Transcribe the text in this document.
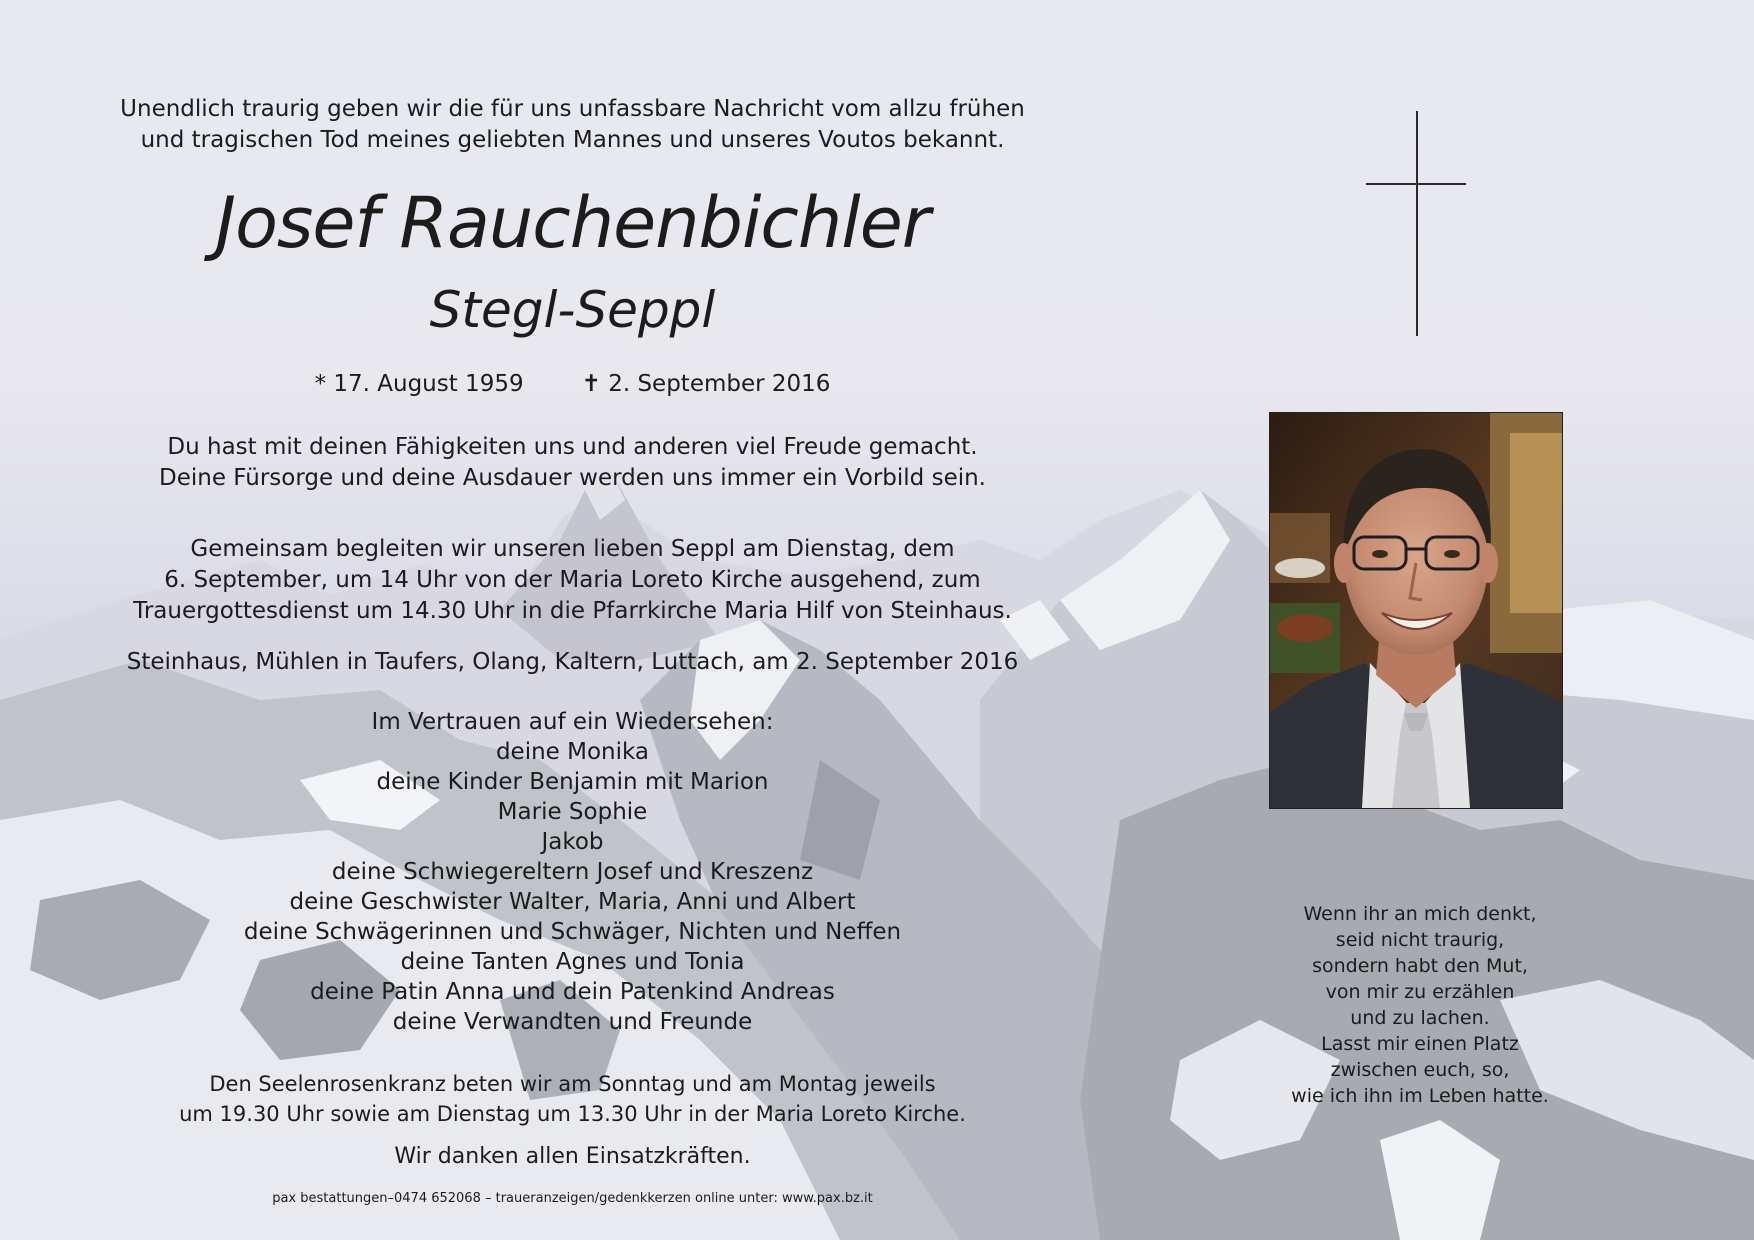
Unendlich traurig geben wir die für uns unfassbare Nachricht vom allzu frühen
und tragischen Tod meines geliebten Mannes und unseres Voutos bekannt.
Josef Rauchenbichler
Stegl-Seppl
* 17. August 1959	✝ 2. September 2016
Du hast mit deinen Fähigkeiten uns und anderen viel Freude gemacht.
Deine Fürsorge und deine Ausdauer werden uns immer ein Vorbild sein.
Gemeinsam begleiten wir unseren lieben Seppl am Dienstag, dem
6. September, um 14 Uhr von der Maria Loreto Kirche ausgehend, zum
Trauergottesdienst um 14.30 Uhr in die Pfarrkirche Maria Hilf von Steinhaus.
Steinhaus, Mühlen in Taufers, Olang, Kaltern, Luttach, am 2. September 2016
Im Vertrauen auf ein Wiedersehen:
deine Monika
deine Kinder Benjamin mit Marion
Marie Sophie
Jakob
deine Schwiegereltern Josef und Kreszenz
deine Geschwister Walter, Maria, Anni und Albert
deine Schwägerinnen und Schwäger, Nichten und Neffen
deine Tanten Agnes und Tonia
deine Patin Anna und dein Patenkind Andreas
deine Verwandten und Freunde
Den Seelenrosenkranz beten wir am Sonntag und am Montag jeweils
um 19.30 Uhr sowie am Dienstag um 13.30 Uhr in der Maria Loreto Kirche.
Wir danken allen Einsatzkräften.
pax bestattungen–0474 652068 – traueranzeigen/gedenkkerzen online unter: www.pax.bz.it
Wenn ihr an mich denkt,
seid nicht traurig,
sondern habt den Mut,
von mir zu erzählen
und zu lachen.
Lasst mir einen Platz
zwischen euch, so,
wie ich ihn im Leben hatte.
